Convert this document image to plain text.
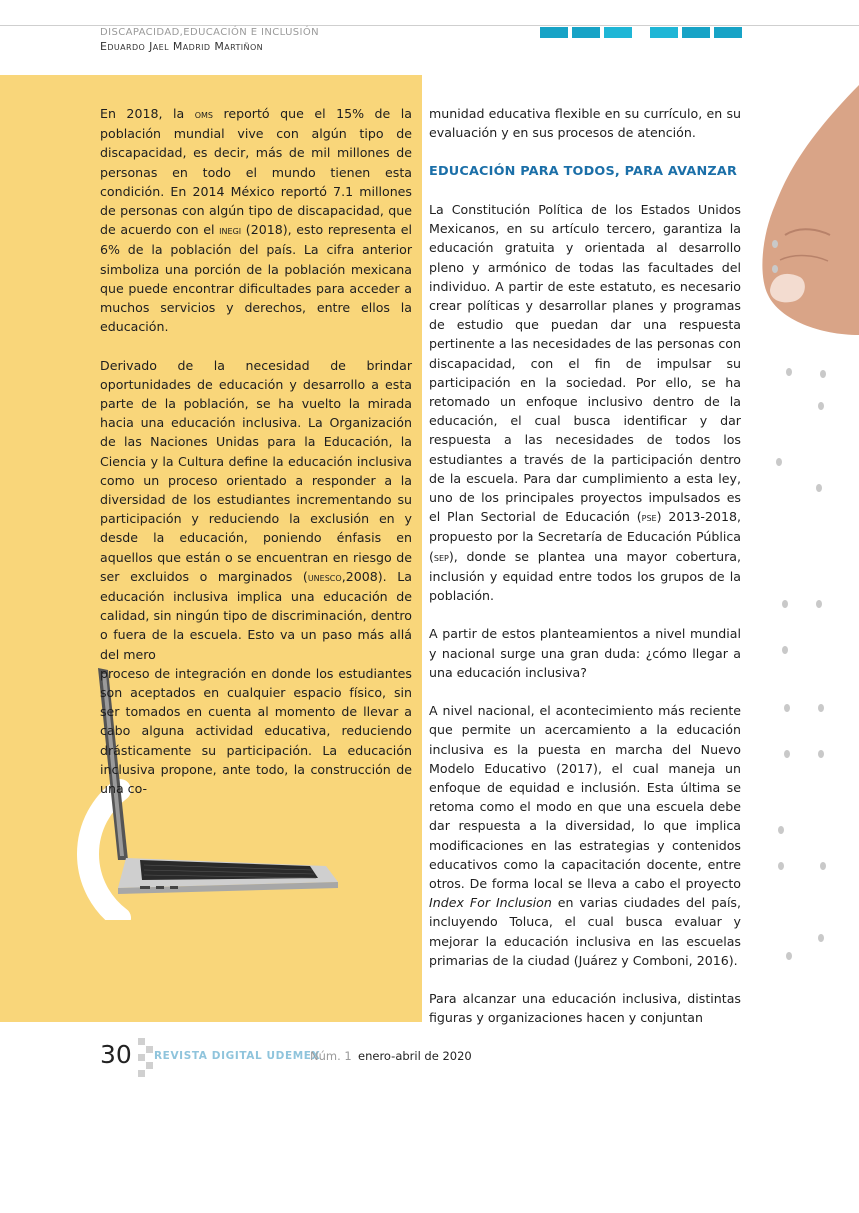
DISCAPACIDAD,EDUCACIÓN E INCLUSIÓN
Eduardo Jael Madrid Martiñon

En 2018, la oms reportó que el 15% de la población mundial vive con algún tipo de discapacidad, es decir, más de mil millones de personas en todo el mundo tienen esta condición. En 2014 México reportó 7.1 millones de personas con algún tipo de discapacidad, que de acuerdo con el inegi (2018), esto representa el 6% de la población del país. La cifra anterior simboliza una porción de la población mexicana que puede encontrar dificultades para acceder a muchos servicios y derechos, entre ellos la educación.

Derivado de la necesidad de brindar oportunidades de educación y desarrollo a esta parte de la población, se ha vuelto la mirada hacia una educación inclusiva. La Organización de las Naciones Unidas para la Educación, la Ciencia y la Cultura define la educación inclusiva como un proceso orientado a responder a la diversidad de los estudiantes incrementando su participación y reduciendo la exclusión en y desde la educación, poniendo énfasis en aquellos que están o se encuentran en riesgo de ser excluidos o marginados (unesco,2008). La educación inclusiva implica una educación de calidad, sin ningún tipo de discriminación, dentro o fuera de la escuela. Esto va un paso más allá del mero

proceso de integración en donde los estudiantes son aceptados en cualquier espacio físico, sin ser tomados en cuenta al momento de llevar a cabo alguna actividad educativa, reduciendo drásticamente su participación. La educación inclusiva propone, ante todo, la construcción de una co-

munidad educativa flexible en su currículo, en su evaluación y en sus procesos de atención.

EDUCACIÓN PARA TODOS, PARA AVANZAR

La Constitución Política de los Estados Unidos Mexicanos, en su artículo tercero, garantiza la educación gratuita y orientada al desarrollo pleno y armónico de todas las facultades del individuo. A partir de este estatuto, es necesario crear políticas y desarrollar planes y programas de estudio que puedan dar una respuesta pertinente a las necesidades de las personas con discapacidad, con el fin de impulsar su participación en la sociedad. Por ello, se ha retomado un enfoque inclusivo dentro de la educación, el cual busca identificar y dar respuesta a las necesidades de todos los estudiantes a través de la participación dentro de la escuela. Para dar cumplimiento a esta ley, uno de los principales proyectos impulsados es el Plan Sectorial de Educación (pse) 2013-2018, propuesto por la Secretaría de Educación Pública (sep), donde se plantea una mayor cobertura, inclusión y equidad entre todos los grupos de la población.

A partir de estos planteamientos a nivel mundial y nacional surge una gran duda: ¿cómo llegar a una educación inclusiva?

A nivel nacional, el acontecimiento más reciente que permite un acercamiento a la educación inclusiva es la puesta en marcha del Nuevo Modelo Educativo (2017), el cual maneja un enfoque de equidad e inclusión. Esta última se retoma como el modo en que una escuela debe dar respuesta a la diversidad, lo que implica modificaciones en las estrategias y contenidos educativos como la capacitación docente, entre otros. De forma local se lleva a cabo el proyecto Index For Inclusion en varias ciudades del país, incluyendo Toluca, el cual busca evaluar y mejorar la educación inclusiva en las escuelas primarias de la ciudad (Juárez y Comboni, 2016).

Para alcanzar una educación inclusiva, distintas figuras y organizaciones hacen y conjuntan

30 REVISTA DIGITAL UDEMEX
Núm. 1 enero-abril de 2020
